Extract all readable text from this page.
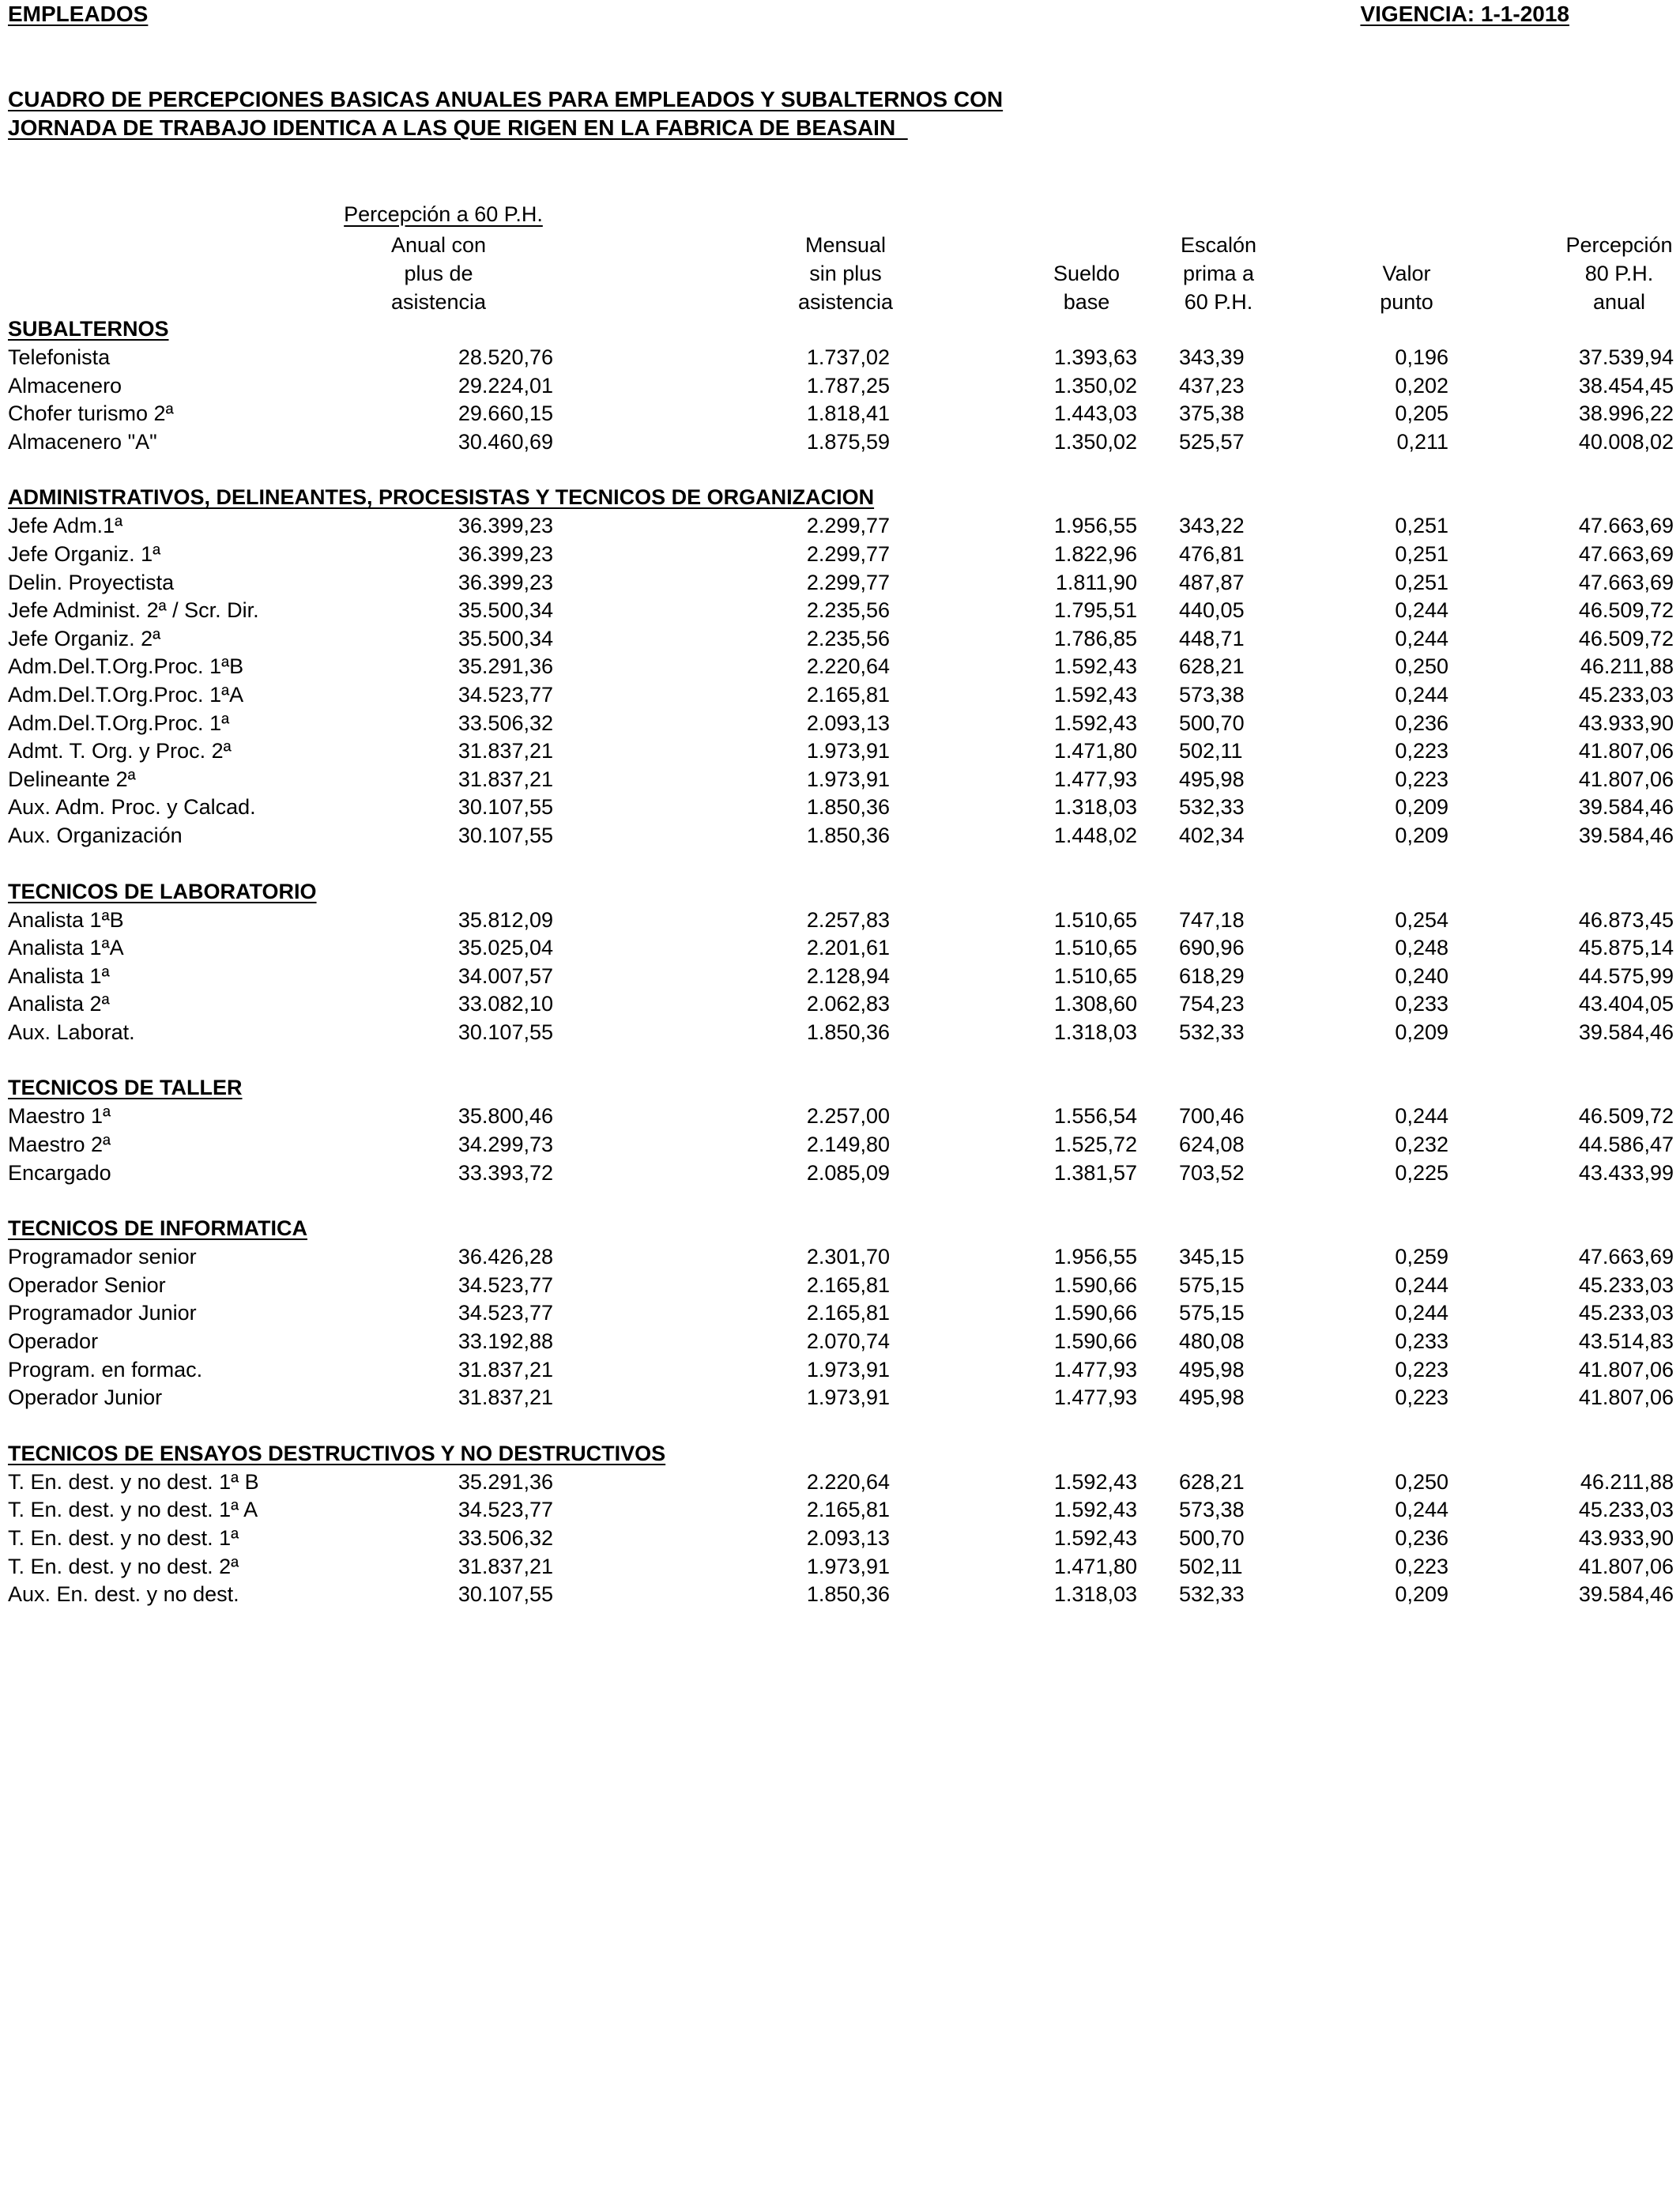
EMPLEADOS	VIGENCIA: 1-1-2018
CUADRO DE PERCEPCIONES BASICAS ANUALES PARA EMPLEADOS Y SUBALTERNOS CON
JORNADA DE TRABAJO IDENTICA A LAS QUE RIGEN EN LA FABRICA DE BEASAIN
Percepción a 60 P.H.
Anual con
plus de
asistencia
Mensual
sin plus
asistencia
Sueldo
base
Escalón
prima a
60 P.H.
Valor
punto
Percepción
80 P.H.
anual
SUBALTERNOS
Telefonista	28.520,76	1.737,02	1.393,63 343,39	0,196	37.539,94
Almacenero	29.224,01	1.787,25	1.350,02 437,23	0,202	38.454,45
Chofer turismo 2ª	29.660,15	1.818,41	1.443,03 375,38	0,205	38.996,22
Almacenero "A"	30.460,69	1.875,59	1.350,02 525,57	0,211	40.008,02
ADMINISTRATIVOS, DELINEANTES, PROCESISTAS Y TECNICOS DE ORGANIZACION
Jefe Adm.1ª	36.399,23	2.299,77	1.956,55 343,22	0,251	47.663,69
Jefe Organiz. 1ª	36.399,23	2.299,77	1.822,96 476,81	0,251	47.663,69
Delin. Proyectista	36.399,23	2.299,77	1.811,90 487,87	0,251	47.663,69
Jefe Administ. 2ª / Scr. Dir.	35.500,34	2.235,56	1.795,51 440,05	0,244	46.509,72
Jefe Organiz. 2ª	35.500,34	2.235,56	1.786,85 448,71	0,244	46.509,72
Adm.Del.T.Org.Proc. 1ªB	35.291,36	2.220,64	1.592,43 628,21	0,250	46.211,88
Adm.Del.T.Org.Proc. 1ªA	34.523,77	2.165,81	1.592,43 573,38	0,244	45.233,03
Adm.Del.T.Org.Proc. 1ª	33.506,32	2.093,13	1.592,43 500,70	0,236	43.933,90
Admt. T. Org. y Proc. 2ª	31.837,21	1.973,91	1.471,80 502,11	0,223	41.807,06
Delineante 2ª	31.837,21	1.973,91	1.477,93 495,98	0,223	41.807,06
Aux. Adm. Proc. y Calcad.	30.107,55	1.850,36	1.318,03 532,33	0,209	39.584,46
Aux. Organización	30.107,55	1.850,36	1.448,02 402,34	0,209	39.584,46
TECNICOS DE LABORATORIO
Analista 1ªB	35.812,09	2.257,83	1.510,65 747,18	0,254	46.873,45
Analista 1ªA	35.025,04	2.201,61	1.510,65 690,96	0,248	45.875,14
Analista 1ª	34.007,57	2.128,94	1.510,65 618,29	0,240	44.575,99
Analista 2ª	33.082,10	2.062,83	1.308,60 754,23	0,233	43.404,05
Aux. Laborat.	30.107,55	1.850,36	1.318,03 532,33	0,209	39.584,46
TECNICOS DE TALLER
Maestro 1ª	35.800,46	2.257,00	1.556,54 700,46	0,244	46.509,72
Maestro 2ª	34.299,73	2.149,80	1.525,72 624,08	0,232	44.586,47
Encargado	33.393,72	2.085,09	1.381,57 703,52	0,225	43.433,99
TECNICOS DE INFORMATICA
Programador senior	36.426,28	2.301,70	1.956,55 345,15	0,259	47.663,69
Operador Senior	34.523,77	2.165,81	1.590,66 575,15	0,244	45.233,03
Programador Junior	34.523,77	2.165,81	1.590,66 575,15	0,244	45.233,03
Operador	33.192,88	2.070,74	1.590,66 480,08	0,233	43.514,83
Program. en formac.	31.837,21	1.973,91	1.477,93 495,98	0,223	41.807,06
Operador Junior	31.837,21	1.973,91	1.477,93 495,98	0,223	41.807,06
TECNICOS DE ENSAYOS DESTRUCTIVOS Y NO DESTRUCTIVOS
T. En. dest. y no dest. 1ª B	35.291,36	2.220,64	1.592,43 628,21	0,250	46.211,88
T. En. dest. y no dest. 1ª A	34.523,77	2.165,81	1.592,43 573,38	0,244	45.233,03
T. En. dest. y no dest. 1ª	33.506,32	2.093,13	1.592,43 500,70	0,236	43.933,90
T. En. dest. y no dest. 2ª	31.837,21	1.973,91	1.471,80 502,11	0,223	41.807,06
Aux. En. dest. y no dest.	30.107,55	1.850,36	1.318,03 532,33	0,209	39.584,46
